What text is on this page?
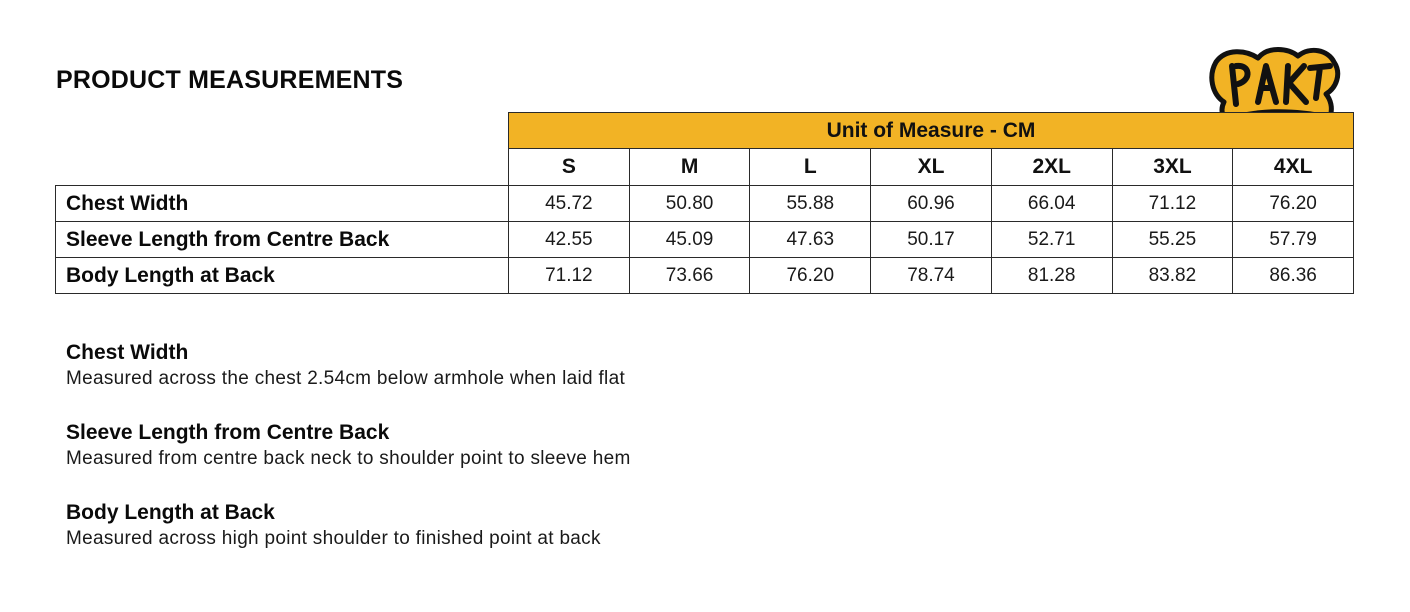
PRODUCT MEASUREMENTS
Unit of Measure - CM
S	M	L	XL	2XL	3XL	4XL
Chest Width	45.72	50.80	55.88	60.96	66.04	71.12	76.20
Sleeve Length from Centre Back	42.55	45.09	47.63	50.17	52.71	55.25	57.79
Body Length at Back	71.12	73.66	76.20	78.74	81.28	83.82	86.36
Chest Width
Measured across the chest 2.54cm below armhole when laid flat
Sleeve Length from Centre Back
Measured from centre back neck to shoulder point to sleeve hem
Body Length at Back
Measured across high point shoulder to finished point at back
